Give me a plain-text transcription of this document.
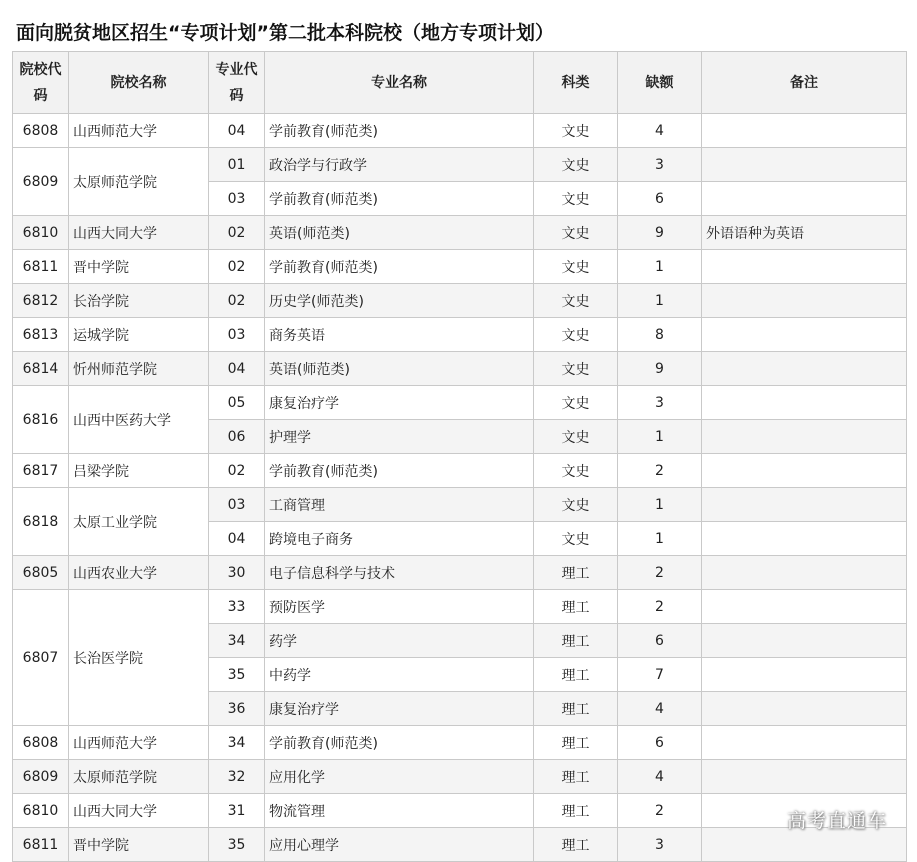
面向脱贫地区招生“专项计划”第二批本科院校（地方专项计划）
院校代码	院校名称	专业代码	专业名称	科类	缺额	备注
6808	山西师范大学	04	学前教育(师范类)	文史	4	
6809	太原师范学院	01	政治学与行政学	文史	3	
		03	学前教育(师范类)	文史	6	
6810	山西大同大学	02	英语(师范类)	文史	9	外语语种为英语
6811	晋中学院	02	学前教育(师范类)	文史	1	
6812	长治学院	02	历史学(师范类)	文史	1	
6813	运城学院	03	商务英语	文史	8	
6814	忻州师范学院	04	英语(师范类)	文史	9	
6816	山西中医药大学	05	康复治疗学	文史	3	
		06	护理学	文史	1	
6817	吕梁学院	02	学前教育(师范类)	文史	2	
6818	太原工业学院	03	工商管理	文史	1	
		04	跨境电子商务	文史	1	
6805	山西农业大学	30	电子信息科学与技术	理工	2	
6807	长治医学院	33	预防医学	理工	2	
		34	药学	理工	6	
		35	中药学	理工	7	
		36	康复治疗学	理工	4	
6808	山西师范大学	34	学前教育(师范类)	理工	6	
6809	太原师范学院	32	应用化学	理工	4	
6810	山西大同大学	31	物流管理	理工	2	
6811	晋中学院	35	应用心理学	理工	3	
高考直通车
